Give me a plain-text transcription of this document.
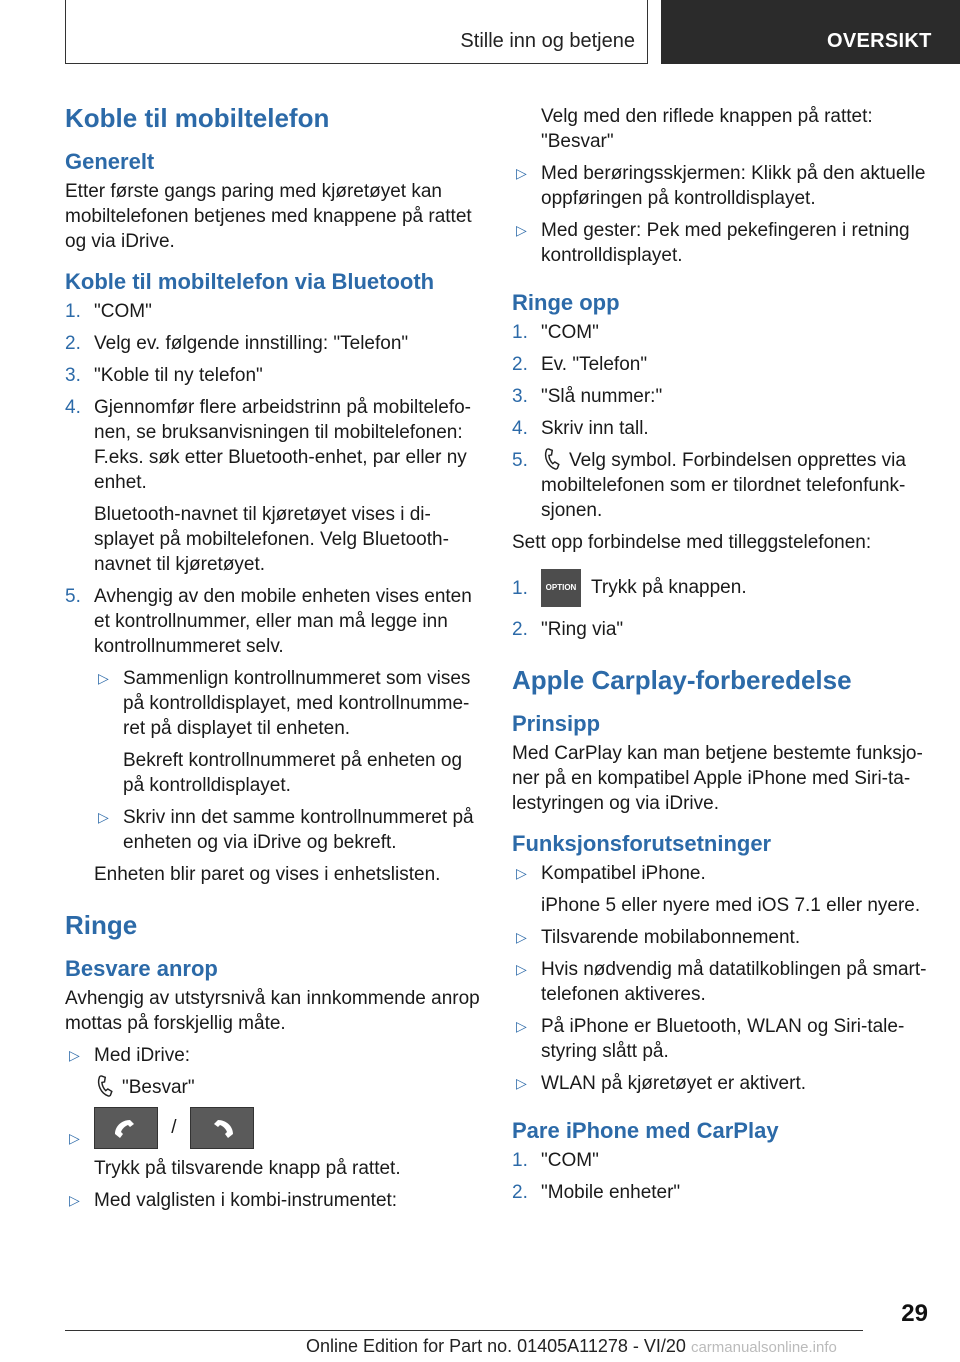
Stille inn og betjene	OVERSIKT
Koble til mobiltelefon
Generelt

Etter første gangs paring med kjøretøyet kan mobiltelefonen betjenes med knappene på rattet og via iDrive.

Koble til mobiltelefon via Bluetooth
1. "COM"
2. Velg ev. følgende innstilling: "Telefon"
3. "Koble til ny telefon"
4. Gjennomfør flere arbeidstrinn på mobiltelefo-nen, se bruksanvisningen til mobiltelefonen: F.eks. søk etter Bluetooth-enhet, par eller ny enhet.
Bluetooth-navnet til kjøretøyet vises i di-splayet på mobiltelefonen. Velg Bluetooth-navnet til kjøretøyet.
5. Avhengig av den mobile enheten vises enten et kontrollnummer, eller man må legge inn kontrollnummeret selv.
▷ Sammenlign kontrollnummeret som vises på kontrolldisplayet, med kontrollnumme-ret på displayet til enheten.
Bekreft kontrollnummeret på enheten og på kontrolldisplayet.
▷ Skriv inn det samme kontrollnummeret på enheten og via iDrive og bekreft.
Enheten blir paret og vises i enhetslisten.
Ringe
Besvare anrop

Avhengig av utstyrsnivå kan innkommende anrop mottas på forskjellig måte.

▷ Med iDrive:
"Besvar"
▷	/
Trykk på tilsvarende knapp på rattet.
▷ Med valglisten i kombi-instrumentet:
Velg med den riflede knappen på rattet: "Besvar"
▷ Med berøringsskjermen: Klikk på den aktuelle oppføringen på kontrolldisplayet.
▷ Med gester: Pek med pekefingeren i retning kontrolldisplayet.
Ringe opp
1. "COM"
2. Ev. "Telefon"
3. "Slå nummer:"
4. Skriv inn tall.
5. Velg symbol. Forbindelsen opprettes via mobiltelefonen som er tilordnet telefonfunk-sjonen.

Sett opp forbindelse med tilleggstelefonen:

1. OPTION Trykk på knappen.
2. "Ring via"
Apple Carplay-forberedelse
Prinsipp

Med CarPlay kan man betjene bestemte funksjo-ner på en kompatibel Apple iPhone med Siri-ta-lestyringen og via iDrive.

Funksjonsforutsetninger
▷ Kompatibel iPhone.
iPhone 5 eller nyere med iOS 7.1 eller nyere.
▷ Tilsvarende mobilabonnement.
▷ Hvis nødvendig må datatilkoblingen på smart-telefonen aktiveres.
▷ På iPhone er Bluetooth, WLAN og Siri-tale-styring slått på.
▷ WLAN på kjøretøyet er aktivert.
Pare iPhone med CarPlay
1. "COM"
2. "Mobile enheter"
29
Online Edition for Part no. 01405A11278 - VI/20 carmanualsonline.info
